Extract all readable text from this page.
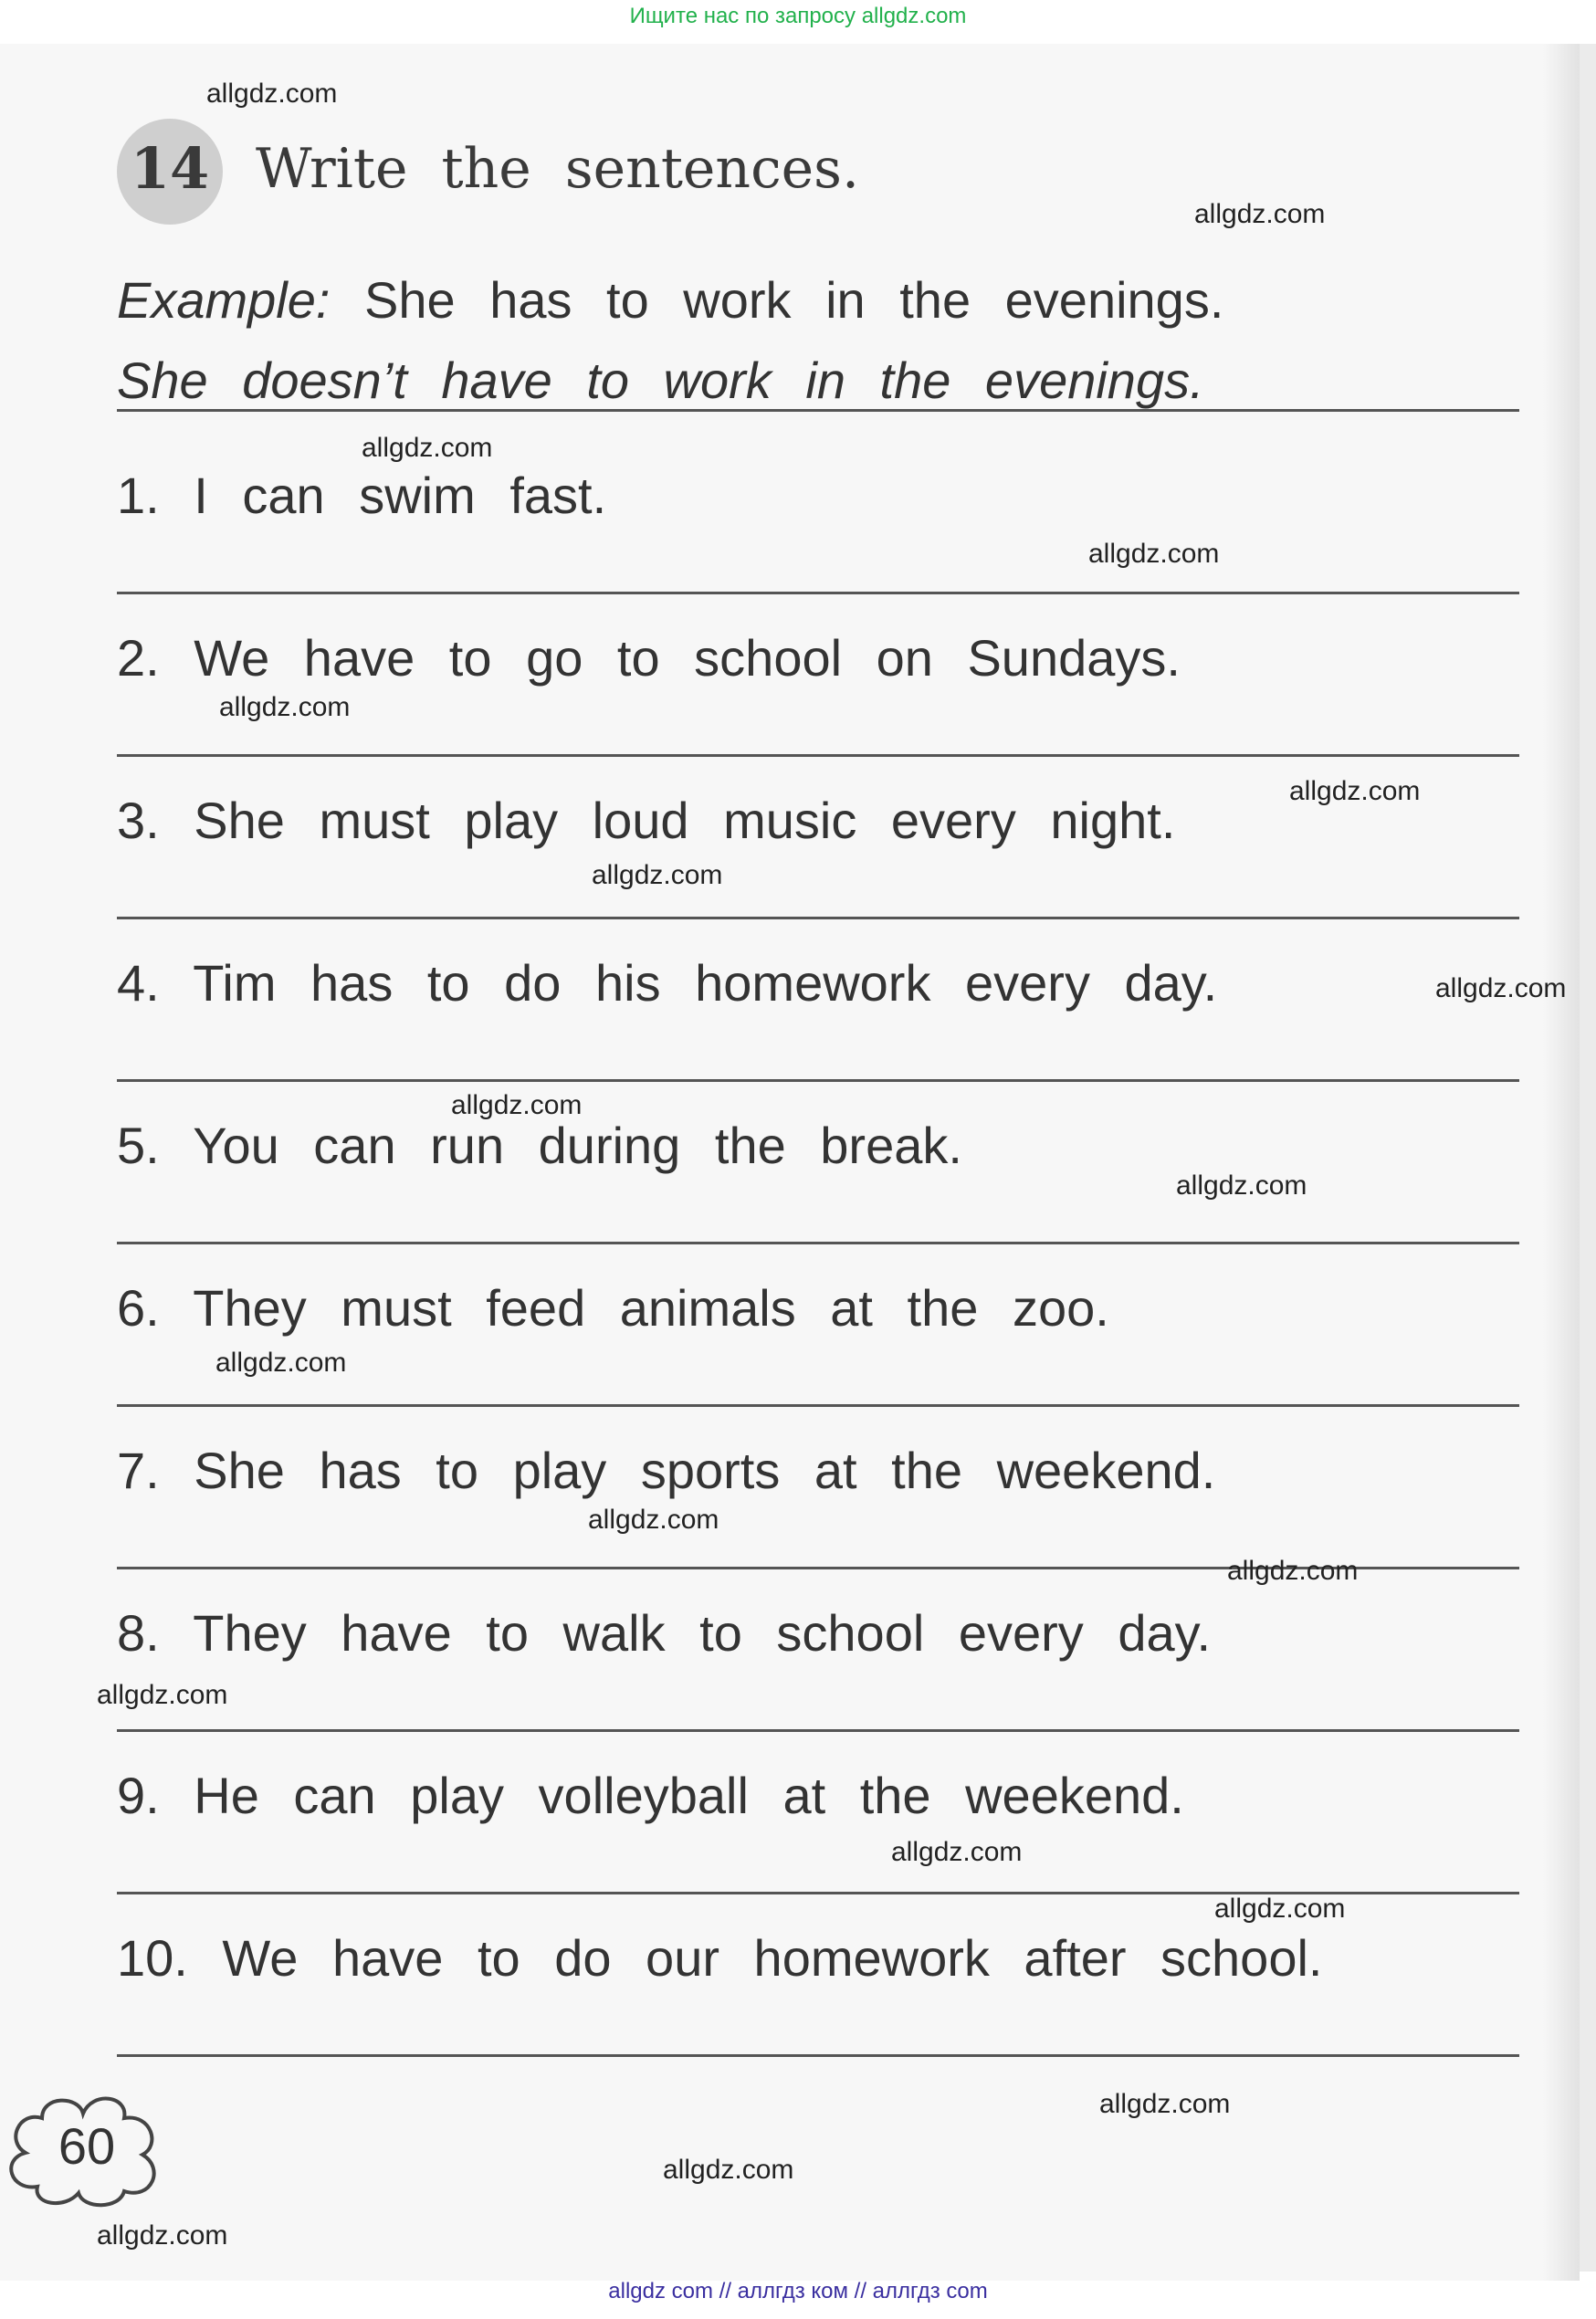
Ищите нас по запросу allgdz.com
14 Write the sentences.
Example: She has to work in the evenings.
She doesn’t have to work in the evenings.
1. I can swim fast.
2. We have to go to school on Sundays.
3. She must play loud music every night.
4. Tim has to do his homework every day.
5. You can run during the break.
6. They must feed animals at the zoo.
7. She has to play sports at the weekend.
8. They have to walk to school every day.
9. He can play volleyball at the weekend.
10. We have to do our homework after school.
60
allgdz.com
allgdz.com
allgdz.com
allgdz.com
allgdz.com
allgdz.com
allgdz.com
allgdz.com
allgdz.com
allgdz.com
allgdz.com
allgdz.com
allgdz.com
allgdz.com
allgdz.com
allgdz.com
allgdz.com
allgdz.com
allgdz.com
allgdz com // аллгдз ком // аллгдз com
